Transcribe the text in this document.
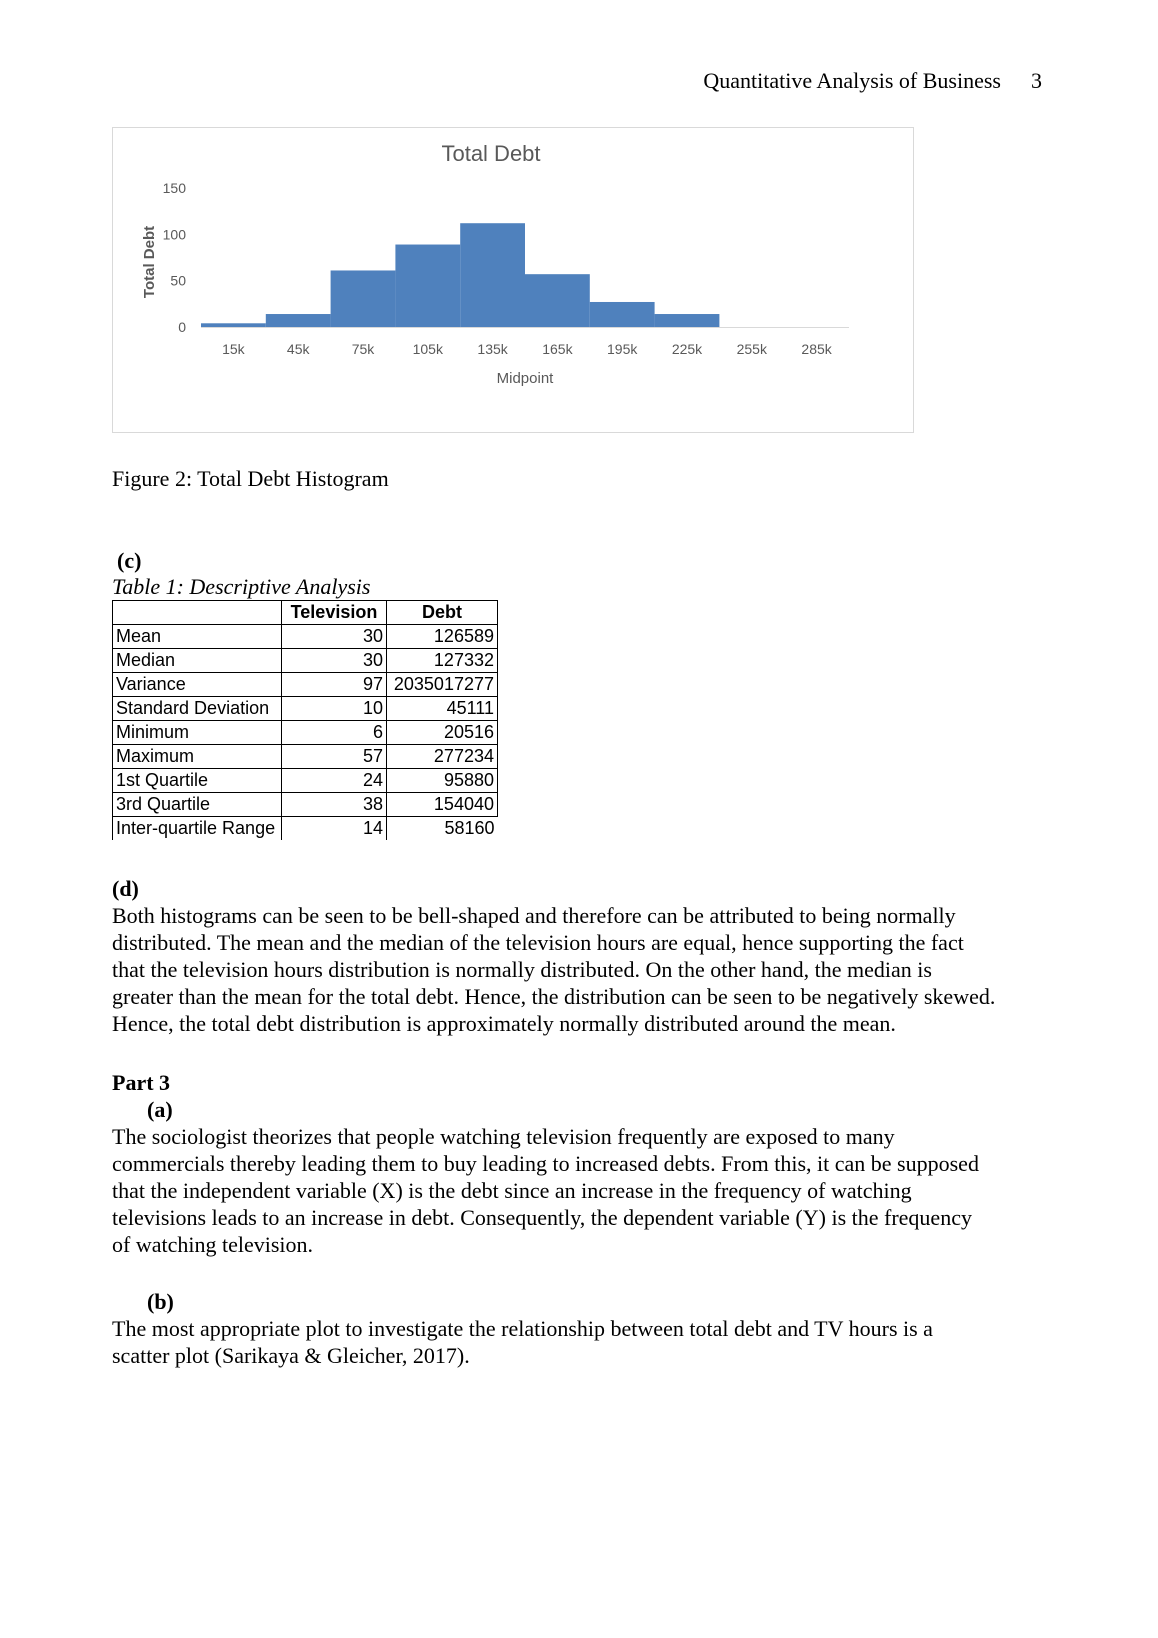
Quantitative Analysis of Business 3
Total Debt
0
50
100
150
15k	45k	75k	105k 135k 165k 195k 225k 255k 285k
Midpoint
Total Debt
Figure 2: Total Debt Histogram
(c)
Table 1: Descriptive Analysis
	Television	Debt
Mean	30	126589
Median	30	127332
Variance	97	2035017277
Standard Deviation	10	45111
Minimum	6	20516
Maximum	57	277234
1st Quartile	24	95880
3rd Quartile	38	154040
Inter-quartile Range	14	58160
(d)
Both histograms can be seen to be bell-shaped and therefore can be attributed to being normally
distributed. The mean and the median of the television hours are equal, hence supporting the fact
that the television hours distribution is normally distributed. On the other hand, the median is
greater than the mean for the total debt. Hence, the distribution can be seen to be negatively skewed.
Hence, the total debt distribution is approximately normally distributed around the mean.
Part 3
(a)
The sociologist theorizes that people watching television frequently are exposed to many
commercials thereby leading them to buy leading to increased debts. From this, it can be supposed
that the independent variable (X) is the debt since an increase in the frequency of watching
televisions leads to an increase in debt. Consequently, the dependent variable (Y) is the frequency
of watching television.
(b)
The most appropriate plot to investigate the relationship between total debt and TV hours is a
scatter plot (Sarikaya & Gleicher, 2017).
